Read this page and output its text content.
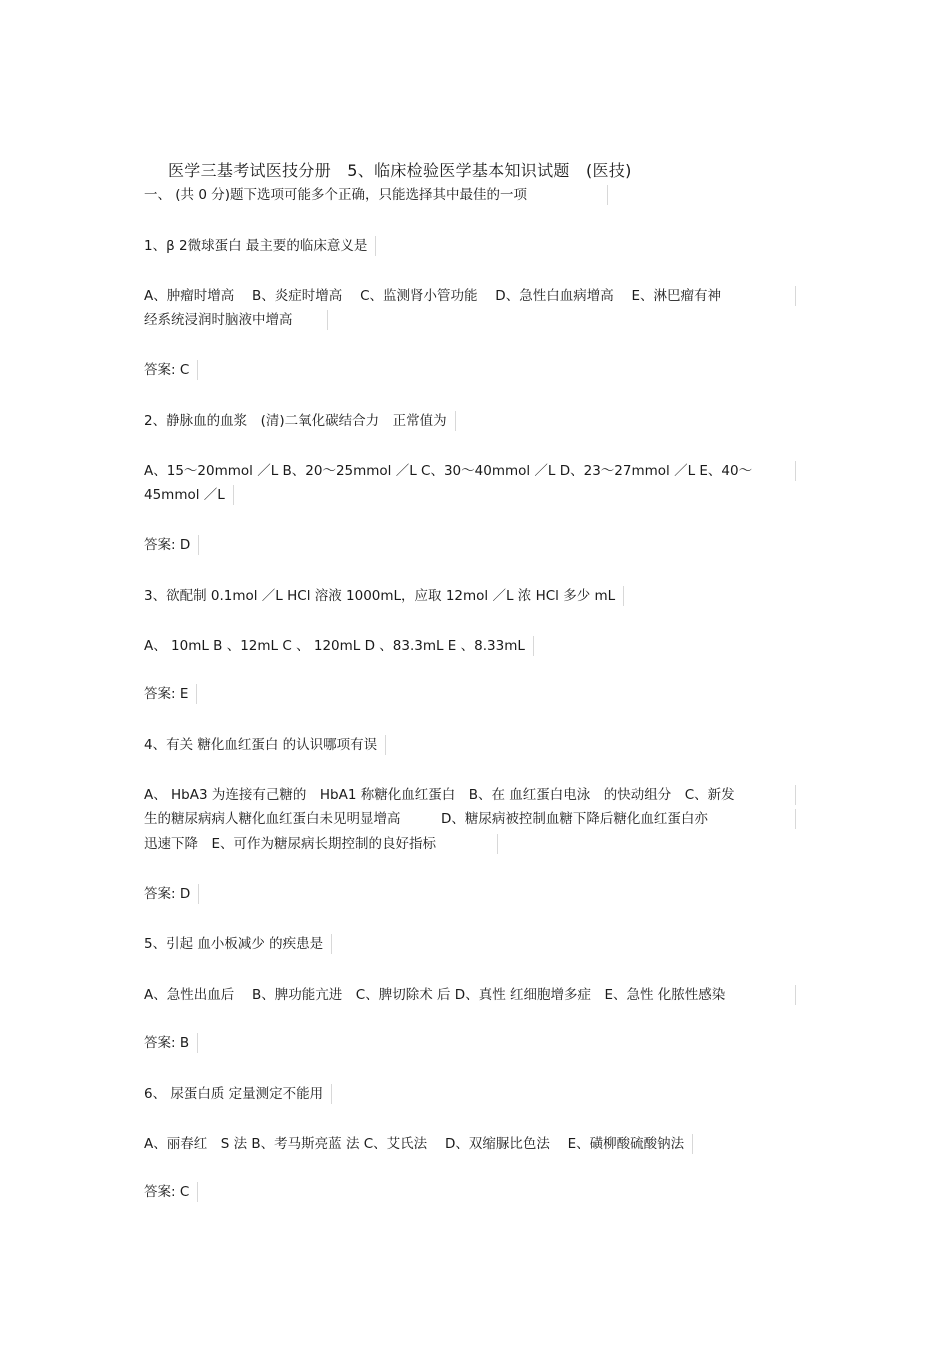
医学三基考试医技分册　5、临床检验医学基本知识试题　(医技)
一、 (共 0 分)题下选项可能多个正确，只能选择其中最佳的一项
1、β 2微球蛋白 最主要的临床意义是
A、肿瘤时增高　 B、炎症时增高　 C、监测肾小管功能　 D、急性白血病增高　 E、淋巴瘤有神
经系统浸润时脑液中增高
答案: C
2、静脉血的血浆　(清)二氧化碳结合力　正常值为
A、15～20mmol ／L B、20～25mmol ／L C、30～40mmol ／L D、23～27mmol ／L E、40～
45mmol ／L
答案: D
3、欲配制 0.1mol ／L HCl 溶液 1000mL，应取 12mol ／L 浓 HCl 多少 mL
A、 10mL B 、12mL C 、 120mL D 、83.3mL E 、8.33mL
答案: E
4、有关 糖化血红蛋白 的认识哪项有误
A、 HbA3 为连接有己糖的　HbA1 称糖化血红蛋白　B、在 血红蛋白电泳　的快动组分　C、新发
生的糖尿病病人糖化血红蛋白未见明显增高　　　D、糖尿病被控制血糖下降后糖化血红蛋白亦
迅速下降　E、可作为糖尿病长期控制的良好指标
答案: D
5、引起 血小板减少 的疾患是
A、急性出血后　 B、脾功能亢进　C、脾切除术 后 D、真性 红细胞增多症　E、急性 化脓性感染
答案: B
6、 尿蛋白质 定量测定不能用
A、丽春红　S 法 B、考马斯亮蓝 法 C、艾氏法　 D、双缩脲比色法　 E、磺柳酸硫酸钠法
答案: C
